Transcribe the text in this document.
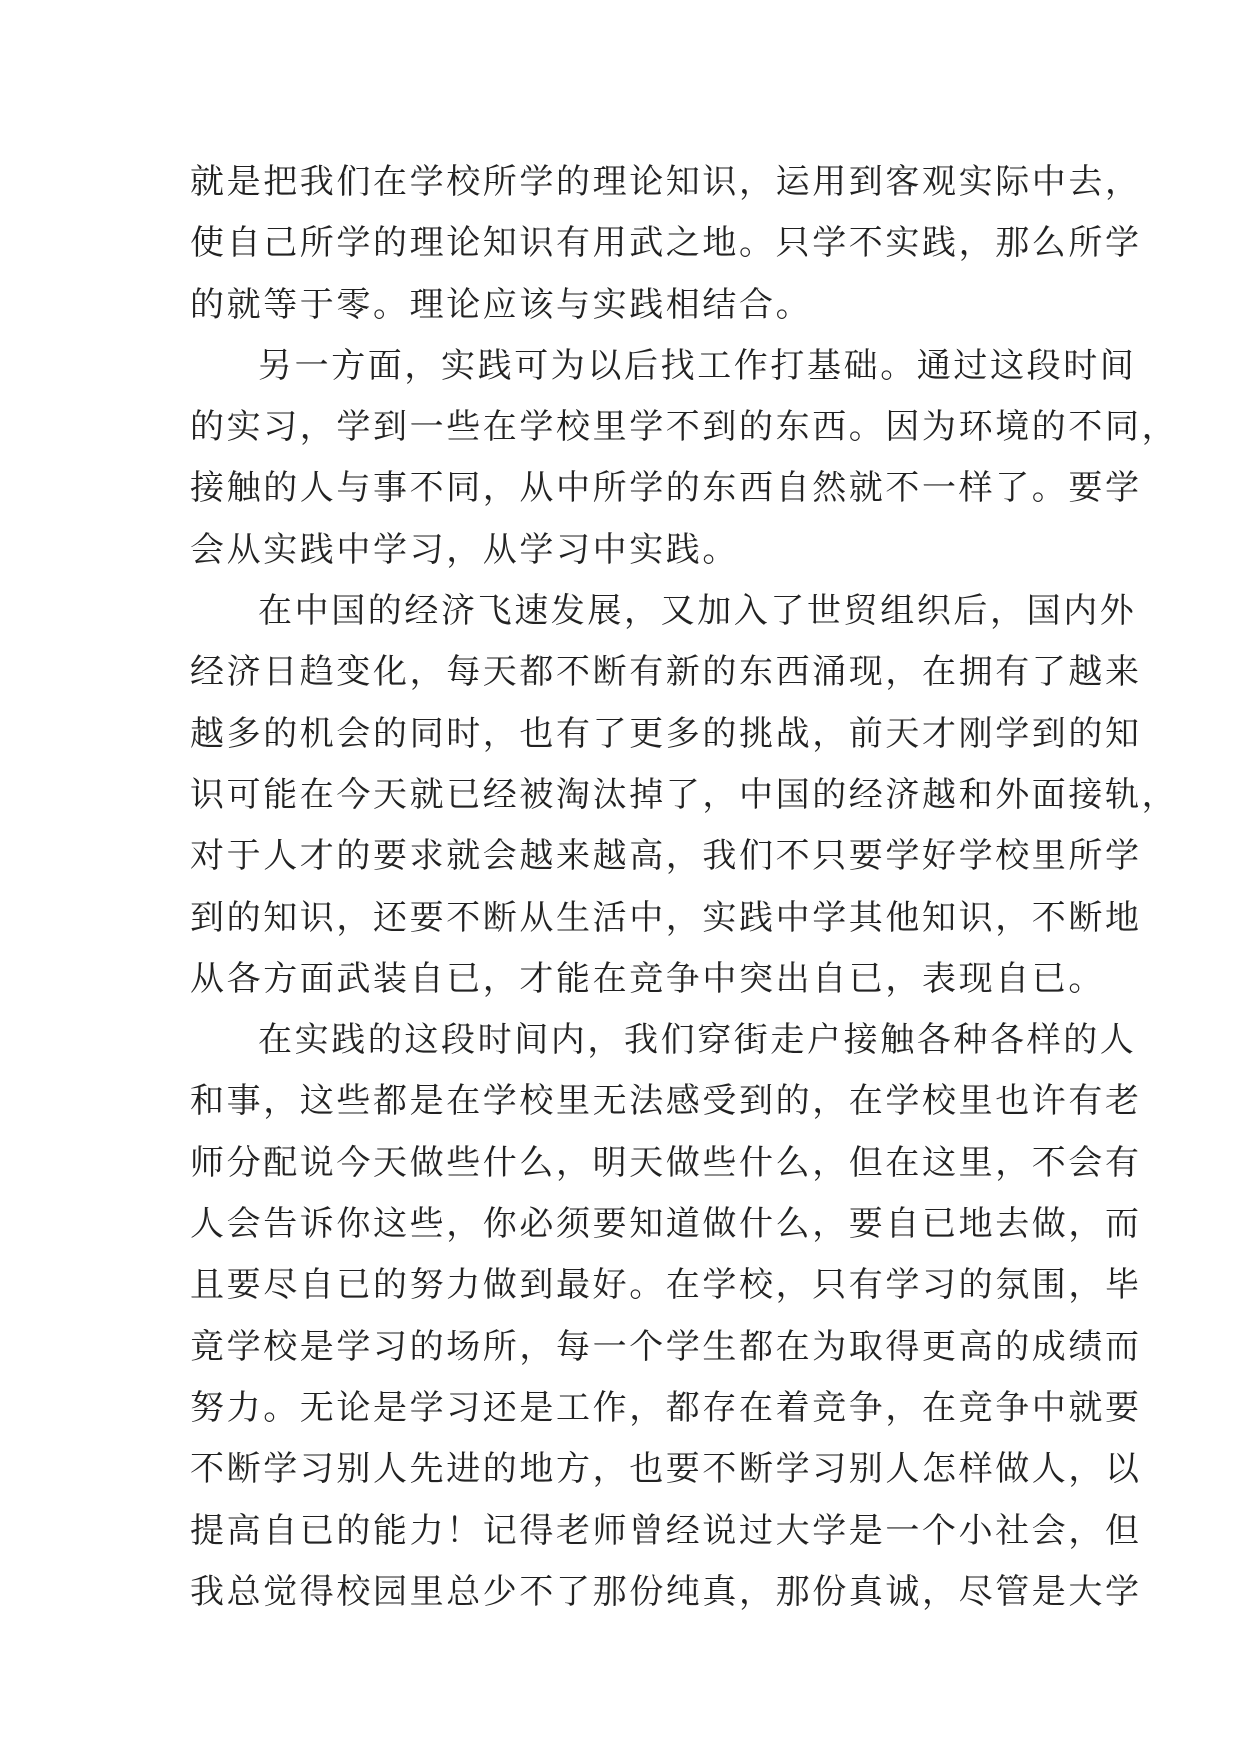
就是把我们在学校所学的理论知识，运用到客观实际中去，
使自己所学的理论知识有用武之地。只学不实践，那么所学
的就等于零。理论应该与实践相结合。
另一方面，实践可为以后找工作打基础。通过这段时间
的实习，学到一些在学校里学不到的东西。因为环境的不同，
接触的人与事不同，从中所学的东西自然就不一样了。要学
会从实践中学习，从学习中实践。
在中国的经济飞速发展，又加入了世贸组织后，国内外
经济日趋变化，每天都不断有新的东西涌现，在拥有了越来
越多的机会的同时，也有了更多的挑战，前天才刚学到的知
识可能在今天就已经被淘汰掉了，中国的经济越和外面接轨，
对于人才的要求就会越来越高，我们不只要学好学校里所学
到的知识，还要不断从生活中，实践中学其他知识，不断地
从各方面武装自已，才能在竞争中突出自已，表现自已。
在实践的这段时间内，我们穿街走户接触各种各样的人
和事，这些都是在学校里无法感受到的，在学校里也许有老
师分配说今天做些什么，明天做些什么，但在这里，不会有
人会告诉你这些，你必须要知道做什么，要自已地去做，而
且要尽自已的努力做到最好。在学校，只有学习的氛围，毕
竟学校是学习的场所，每一个学生都在为取得更高的成绩而
努力。无论是学习还是工作，都存在着竞争，在竞争中就要
不断学习别人先进的地方，也要不断学习别人怎样做人，以
提高自已的能力！记得老师曾经说过大学是一个小社会，但
我总觉得校园里总少不了那份纯真，那份真诚，尽管是大学
